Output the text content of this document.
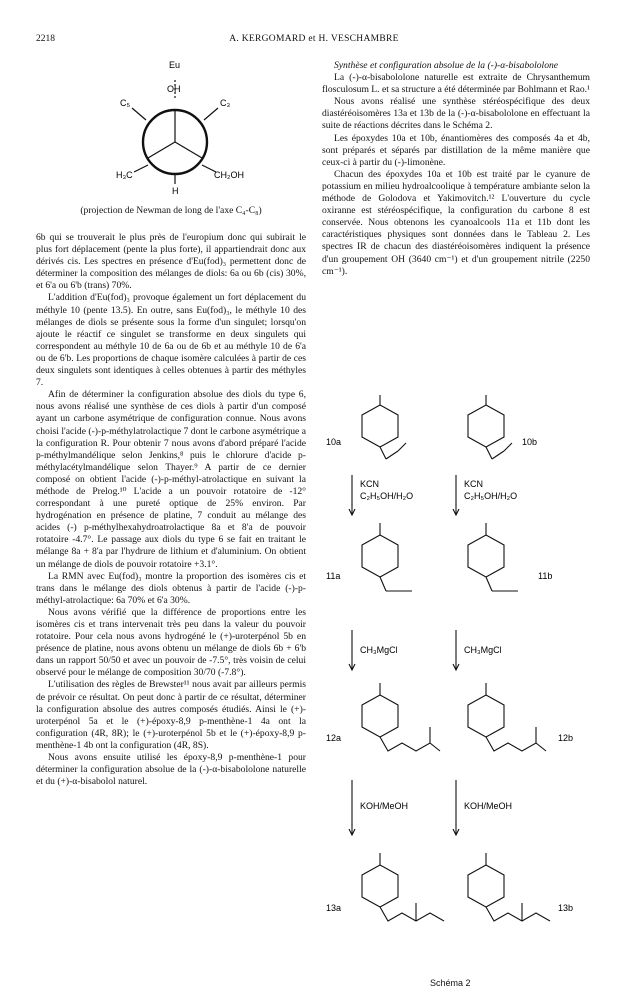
2218	A. KERGOMARD et H. VESCHAMBRE
Eu
OH
C₅	C₃
H₃C	CH₂OH
H
(projection de Newman de long de l'axe C₄-C₈)

6b qui se trouverait le plus près de l'europium donc qui subirait le plus fort déplacement (pente la plus forte), il appartiendrait donc aux dérivés cis. Les spectres en présence d'Eu(fod)₃ permettent donc de déterminer la composition des mélanges de diols: 6a ou 6b (cis) 30%, et 6'a ou 6'b (trans) 70%.

L'addition d'Eu(fod)₃ provoque également un fort déplacement du méthyle 10 (pente 13.5). En outre, sans Eu(fod)₃, le méthyle 10 des mélanges de diols se présente sous la forme d'un singulet; lorsqu'on ajoute le réactif ce singulet se transforme en deux singulets qui correspondent au méthyle 10 de 6a ou de 6b et au méthyle 10 de 6'a ou de 6'b. Les proportions de chaque isomère calculées à partir de ces deux singulets sont identiques à celles obtenues à partir des méthyles 7.

Afin de déterminer la configuration absolue des diols du type 6, nous avons réalisé une synthèse de ces diols à partir d'un composé ayant un carbone asymétrique de configuration connue. Nous avons choisi l'acide (-)-p-méthylatrolactique 7 dont le carbone asymétrique a la configuration R. Pour obtenir 7 nous avons d'abord préparé l'acide p-méthylmandélique selon Jenkins,⁸ puis le chlorure d'acide p-méthylacétylmandélique selon Thayer.⁹ A partir de ce dernier composé on obtient l'acide (-)-p-méthyl-atrolactique en suivant la méthode de Prelog.¹⁰ L'acide a un pouvoir rotatoire de -12° correspondant à une pureté optique de 25% environ. Par hydrogénation en présence de platine, 7 conduit au mélange des acides (-) p-méthylhexahydroatrolactique 8a et 8'a de pouvoir rotatoire -4.7°. Le passage aux diols du type 6 se fait en traitant le mélange 8a + 8'a par l'hydrure de lithium et d'aluminium. On obtient un mélange de diols de pouvoir rotatoire +3.1°.

La RMN avec Eu(fod)₃ montre la proportion des isomères cis et trans dans le mélange des diols obtenus à partir de l'acide (-)-p-méthyl-atrolactique: 6a 70% et 6'a 30%.

Nous avons vérifié que la différence de proportions entre les isomères cis et trans intervenait très peu dans la valeur du pouvoir rotatoire. Pour cela nous avons hydrogéné le (+)-uroterpénol 5b en présence de platine, nous avons obtenu un mélange de diols 6b + 6'b dans un rapport 50/50 et avec un pouvoir de -7.5°, très voisin de celui observé pour le mélange de composition 30/70 (-7.8°).

L'utilisation des règles de Brewster¹¹ nous avait par ailleurs permis de prévoir ce résultat. On peut donc à partir de ce résultat, déterminer la configuration absolue des autres composés étudiés. Ainsi le (+)-uroterpénol 5a et le (+)-époxy-8,9 p-menthène-1 4a ont la configuration (4R, 8R); le (+)-uroterpénol 5b et le (+)-époxy-8,9 p-menthène-1 4b ont la configuration (4R, 8S).

Nous avons ensuite utilisé les époxy-8,9 p-menthène-1 pour déterminer la configuration absolue de la (-)-α-bisabololone naturelle et du (+)-α-bisabolol naturel.

Synthèse et configuration absolue de la (-)-α-bisabololone

La (-)-α-bisabololone naturelle est extraite de Chrysanthemum flosculosum L. et sa structure a été déterminée par Bohlmann et Rao.¹

Nous avons réalisé une synthèse stéréospécifique des deux diastéréoisomères 13a et 13b de la (-)-α-bisabololone en effectuant la suite de réactions décrites dans le Schéma 2.

Les époxydes 10a et 10b, énantiomères des composés 4a et 4b, sont préparés et séparés par distillation de la même manière que ceux-ci à partir du (-)-limonène.

Chacun des époxydes 10a et 10b est traité par le cyanure de potassium en milieu hydroalcoolique à température ambiante selon la méthode de Golodova et Yakimovitch.¹² L'ouverture du cycle oxiranne est stéréospécifique, la configuration du carbone 8 est conservée. Nous obtenons les cyanoalcools 11a et 11b dont les caractéristiques physiques sont données dans le Tableau 2. Les spectres IR de chacun des diastéréoisomères indiquent la présence d'un groupement OH (3640 cm⁻¹) et d'un groupement nitrile (2250 cm⁻¹).

10a	10b
KCN
C₂H₅OH/H₂O
KCN
C₂H₅OH/H₂O
11a	11b
CH₃MgCl	CH₃MgCl
12a	12b
KOH/MeOH	KOH/MeOH
13a	13b
Schéma 2
